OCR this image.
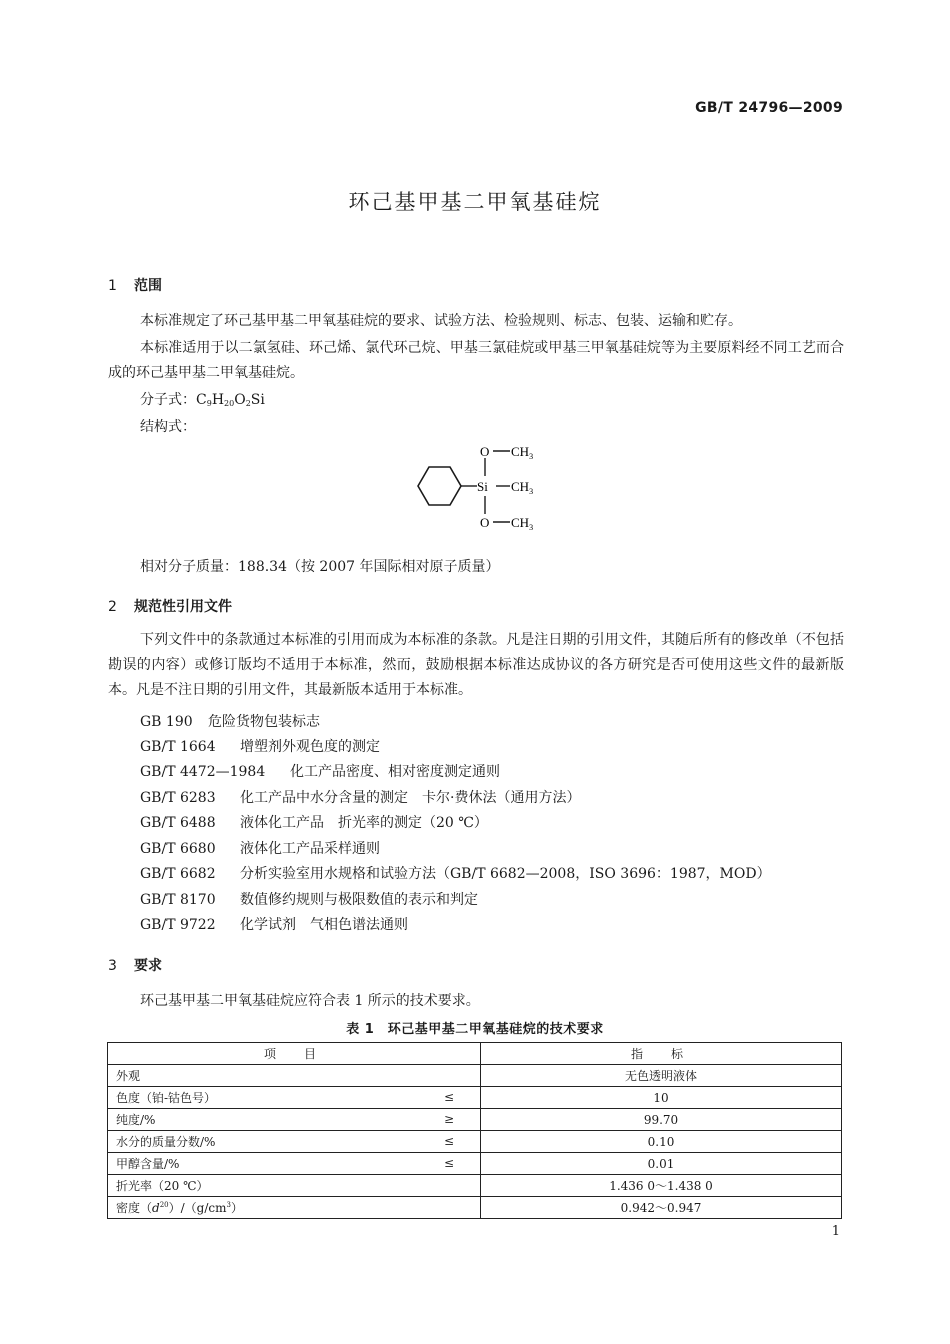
GB/T 24796—2009
环己基甲基二甲氧基硅烷
1 范围
本标准规定了环己基甲基二甲氧基硅烷的要求、试验方法、检验规则、标志、包装、运输和贮存。
本标准适用于以二氯氢硅、环己烯、氯代环己烷、甲基三氯硅烷或甲基三甲氧基硅烷等为主要原料经不同工艺而合成的环己基甲基二甲氧基硅烷。
分子式：$C_9H_{20}O_2Si$
结构式：
O $CH_3$
Si $CH_3$
O $CH_3$
相对分子质量：188.34（按 2007 年国际相对原子质量）
2 规范性引用文件
下列文件中的条款通过本标准的引用而成为本标准的条款。凡是注日期的引用文件，其随后所有的修改单（不包括勘误的内容）或修订版均不适用于本标准，然而，鼓励根据本标准达成协议的各方研究是否可使用这些文件的最新版本。凡是不注日期的引用文件，其最新版本适用于本标准。
GB 190 危险货物包装标志
GB/T 1664 增塑剂外观色度的测定
GB/T 4472—1984 化工产品密度、相对密度测定通则
GB/T 6283 化工产品中水分含量的测定　卡尔·费休法（通用方法）
GB/T 6488 液体化工产品　折光率的测定（20 ℃）
GB/T 6680 液体化工产品采样通则
GB/T 6682 分析实验室用水规格和试验方法（GB/T 6682—2008，ISO 3696：1987，MOD）
GB/T 8170 数值修约规则与极限数值的表示和判定
GB/T 9722 化学试剂　气相色谱法通则
3 要求
环己基甲基二甲氧基硅烷应符合表 1 所示的技术要求。
表 1　环己基甲基二甲氧基硅烷的技术要求
项　目	指　标
外观	无色透明液体
色度（铂-钴色号） ≤	10
纯度/% ≥	99.70
水分的质量分数/% ≤	0.10
甲醇含量/% ≤	0.01
折光率（20 ℃）	1.436 0～1.438 0
密度$(d^{20})/(g/cm^3)$	0.942～0.947
1
